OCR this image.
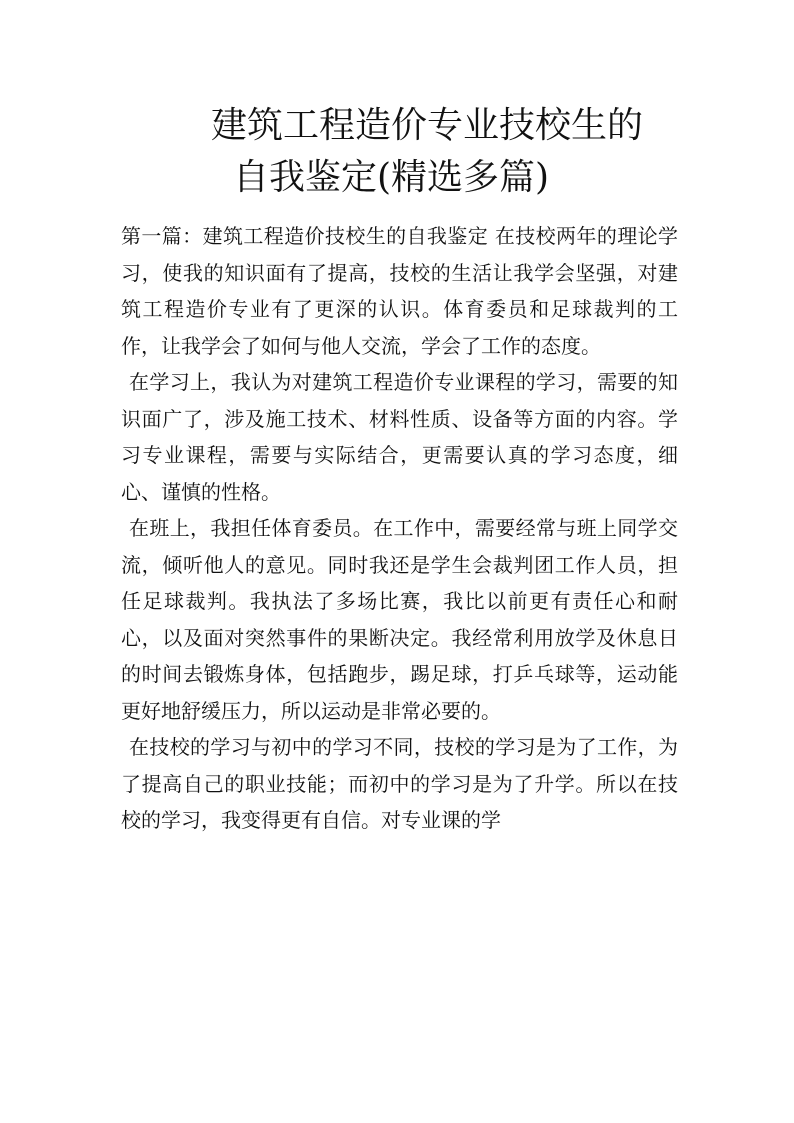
建筑工程造价专业技校生的
自我鉴定(精选多篇)

第一篇：建筑工程造价技校生的自我鉴定 在技校两年的理论学习，使我的知识面有了提高，技校的生活让我学会坚强，对建筑工程造价专业有了更深的认识。体育委员和足球裁判的工作，让我学会了如何与他人交流，学会了工作的态度。

在学习上，我认为对建筑工程造价专业课程的学习，需要的知识面广了，涉及施工技术、材料性质、设备等方面的内容。学习专业课程，需要与实际结合，更需要认真的学习态度，细心、谨慎的性格。

在班上，我担任体育委员。在工作中，需要经常与班上同学交流，倾听他人的意见。同时我还是学生会裁判团工作人员，担任足球裁判。我执法了多场比赛，我比以前更有责任心和耐心，以及面对突然事件的果断决定。我经常利用放学及休息日的时间去锻炼身体，包括跑步，踢足球，打乒乓球等，运动能更好地舒缓压力，所以运动是非常必要的。

在技校的学习与初中的学习不同，技校的学习是为了工作，为了提高自己的职业技能；而初中的学习是为了升学。所以在技校的学习，我变得更有自信。对专业课的学
